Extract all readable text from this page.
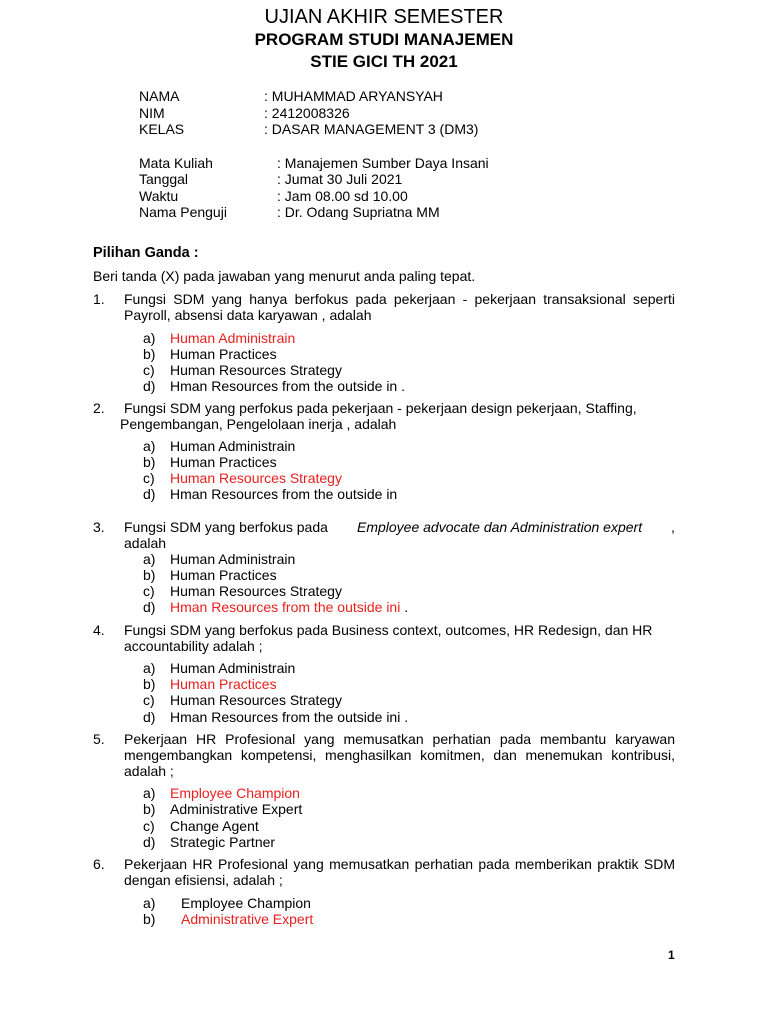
UJIAN AKHIR SEMESTER
PROGRAM STUDI MANAJEMEN
STIE GICI TH 2021
NAMA	: MUHAMMAD ARYANSYAH
NIM	: 2412008326
KELAS	: DASAR MANAGEMENT 3 (DM3)
Mata Kuliah	: Manajemen Sumber Daya Insani
Tanggal	: Jumat 30 Juli 2021
Waktu	: Jam 08.00 sd 10.00
Nama Penguji	: Dr. Odang Supriatna MM
Pilihan Ganda :
Beri tanda (X) pada jawaban yang menurut anda paling tepat.
1. Fungsi SDM yang hanya berfokus pada pekerjaan - pekerjaan transaksional seperti
Payroll, absensi data karyawan , adalah
a) Human Administrain
b) Human Practices
c) Human Resources Strategy
d) Hman Resources from the outside in .
2. Fungsi SDM yang perfokus pada pekerjaan - pekerjaan design pekerjaan, Staffing,
Pengembangan, Pengelolaan inerja , adalah
a) Human Administrain
b) Human Practices
c) Human Resources Strategy
d) Hman Resources from the outside in
3. Fungsi SDM yang berfokus pada Employee advocate dan Administration expert ,
adalah
a) Human Administrain
b) Human Practices
c) Human Resources Strategy
d) Hman Resources from the outside ini .
4. Fungsi SDM yang berfokus pada Business context, outcomes, HR Redesign, dan HR
accountability adalah ;
a) Human Administrain
b) Human Practices
c) Human Resources Strategy
d) Hman Resources from the outside ini .
5. Pekerjaan HR Profesional yang memusatkan perhatian pada membantu karyawan
mengembangkan kompetensi, menghasilkan komitmen, dan menemukan kontribusi,
adalah ;
a) Employee Champion
b) Administrative Expert
c) Change Agent
d) Strategic Partner
6. Pekerjaan HR Profesional yang memusatkan perhatian pada memberikan praktik SDM
dengan efisiensi, adalah ;
a) Employee Champion
b) Administrative Expert
1
